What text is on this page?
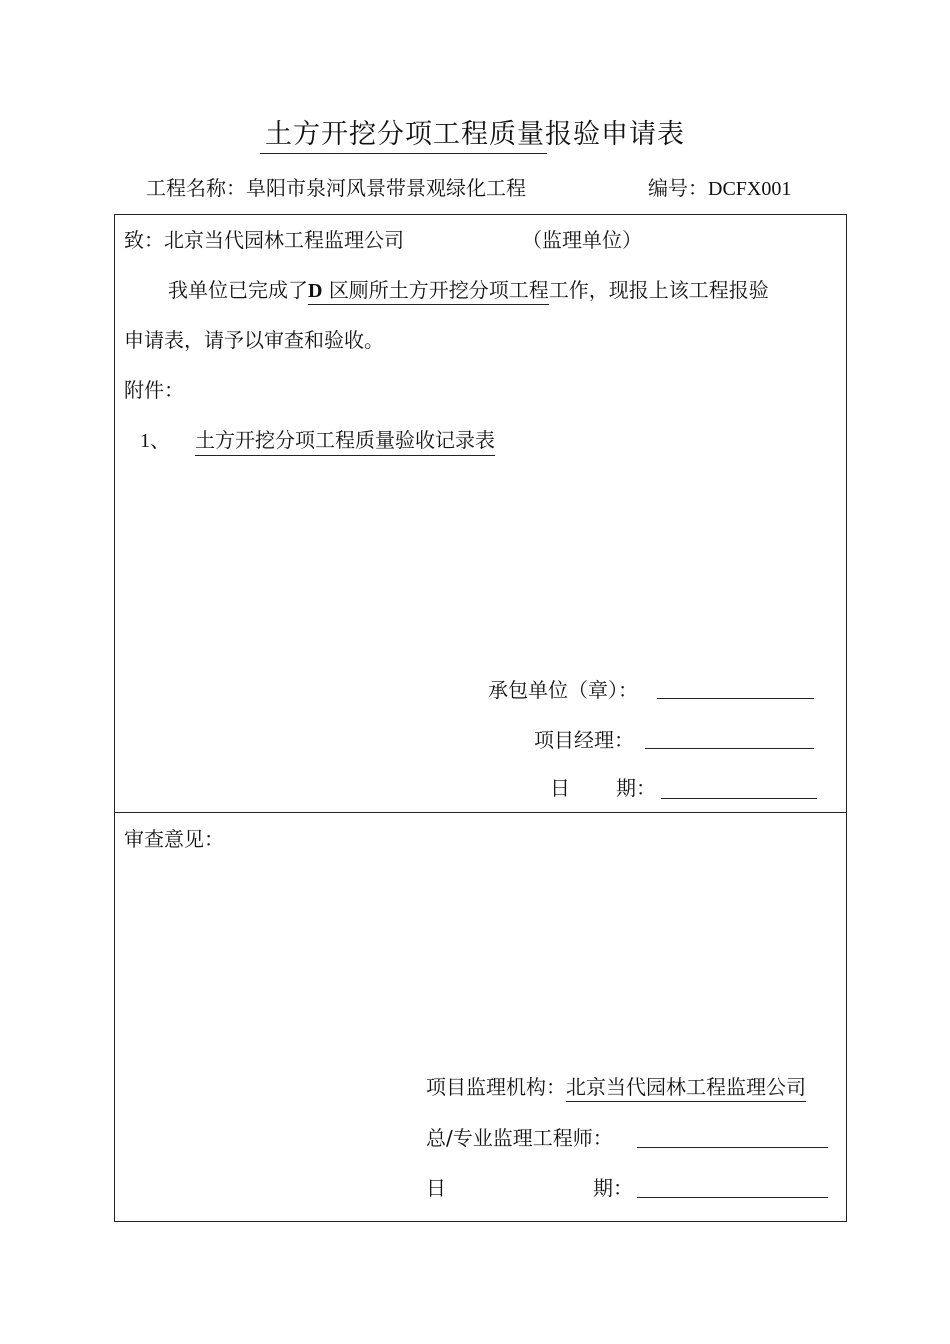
土方开挖分项工程质量报验申请表
工程名称：阜阳市泉河风景带景观绿化工程	编号：DCFX001
致：北京当代园林工程监理公司	（监理单位）
我单位已完成了D 区厕所土方开挖分项工程工作，现报上该工程报验
申请表，请予以审查和验收。
附件：
1、 土方开挖分项工程质量验收记录表
承包单位（章）：
项目经理：
日 期：
审查意见：
项目监理机构：北京当代园林工程监理公司
总/专业监理工程师：
日	期：
